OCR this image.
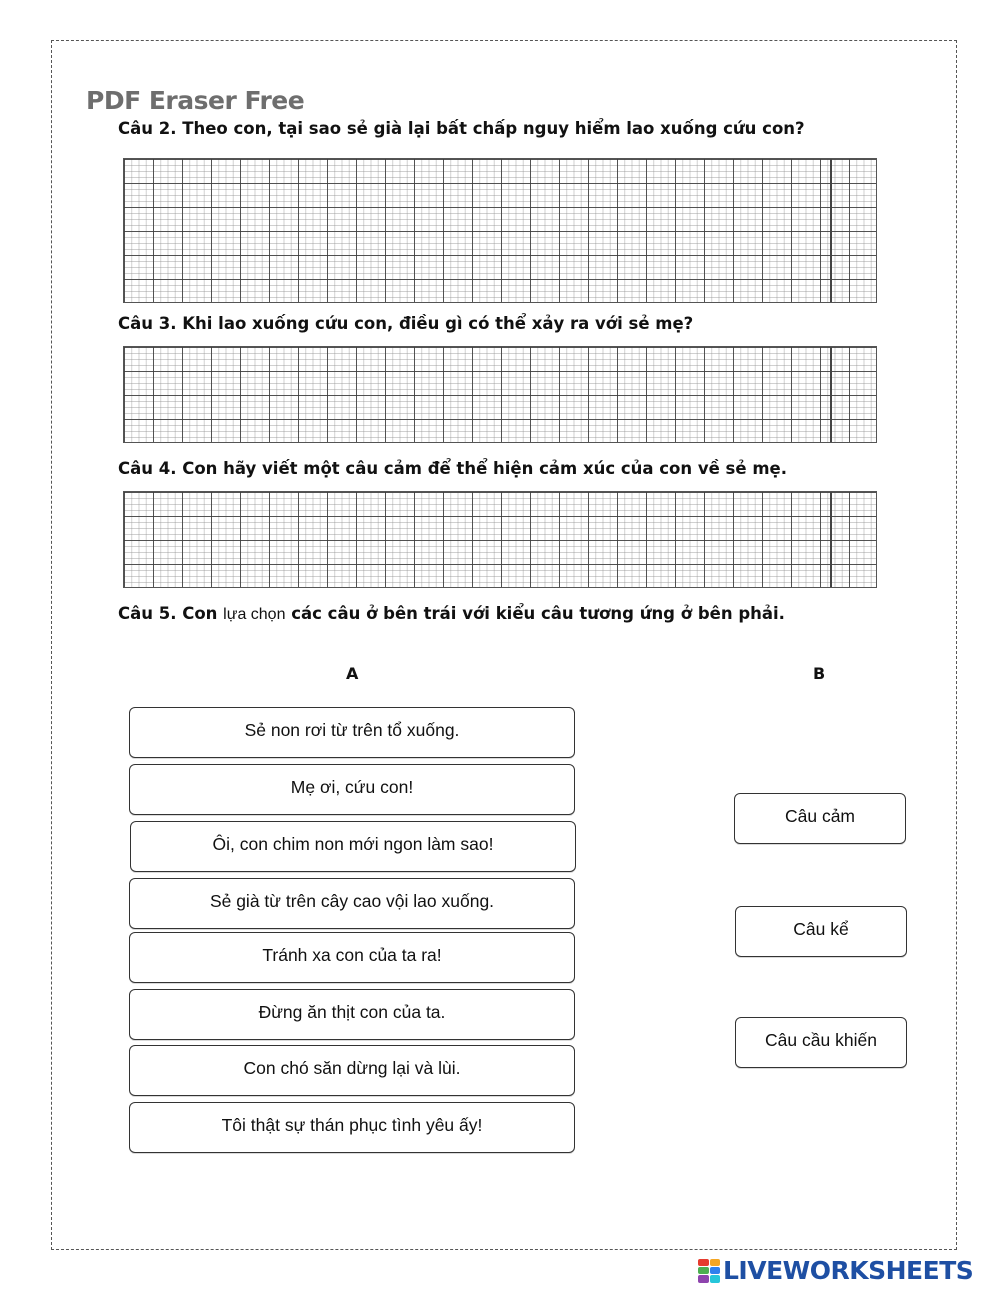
PDF Eraser Free
Câu 2. Theo con, tại sao sẻ già lại bất chấp nguy hiểm lao xuống cứu con?
Câu 3. Khi lao xuống cứu con, điều gì có thể xảy ra với sẻ mẹ?
Câu 4. Con hãy viết một câu cảm để thể hiện cảm xúc của con về sẻ mẹ.
Câu 5. Con lựa chọn các câu ở bên trái với kiểu câu tương ứng ở bên phải.
A	B
Sẻ non rơi từ trên tổ xuống.
Mẹ ơi, cứu con!
Ôi, con chim non mới ngon làm sao!
Sẻ già từ trên cây cao vội lao xuống.
Tránh xa con của ta ra!
Đừng ăn thịt con của ta.
Con chó săn dừng lại và lùi.
Tôi thật sự thán phục tình yêu ấy!
Câu cảm
Câu kể
Câu cầu khiến
LIVEWORKSHEETS
